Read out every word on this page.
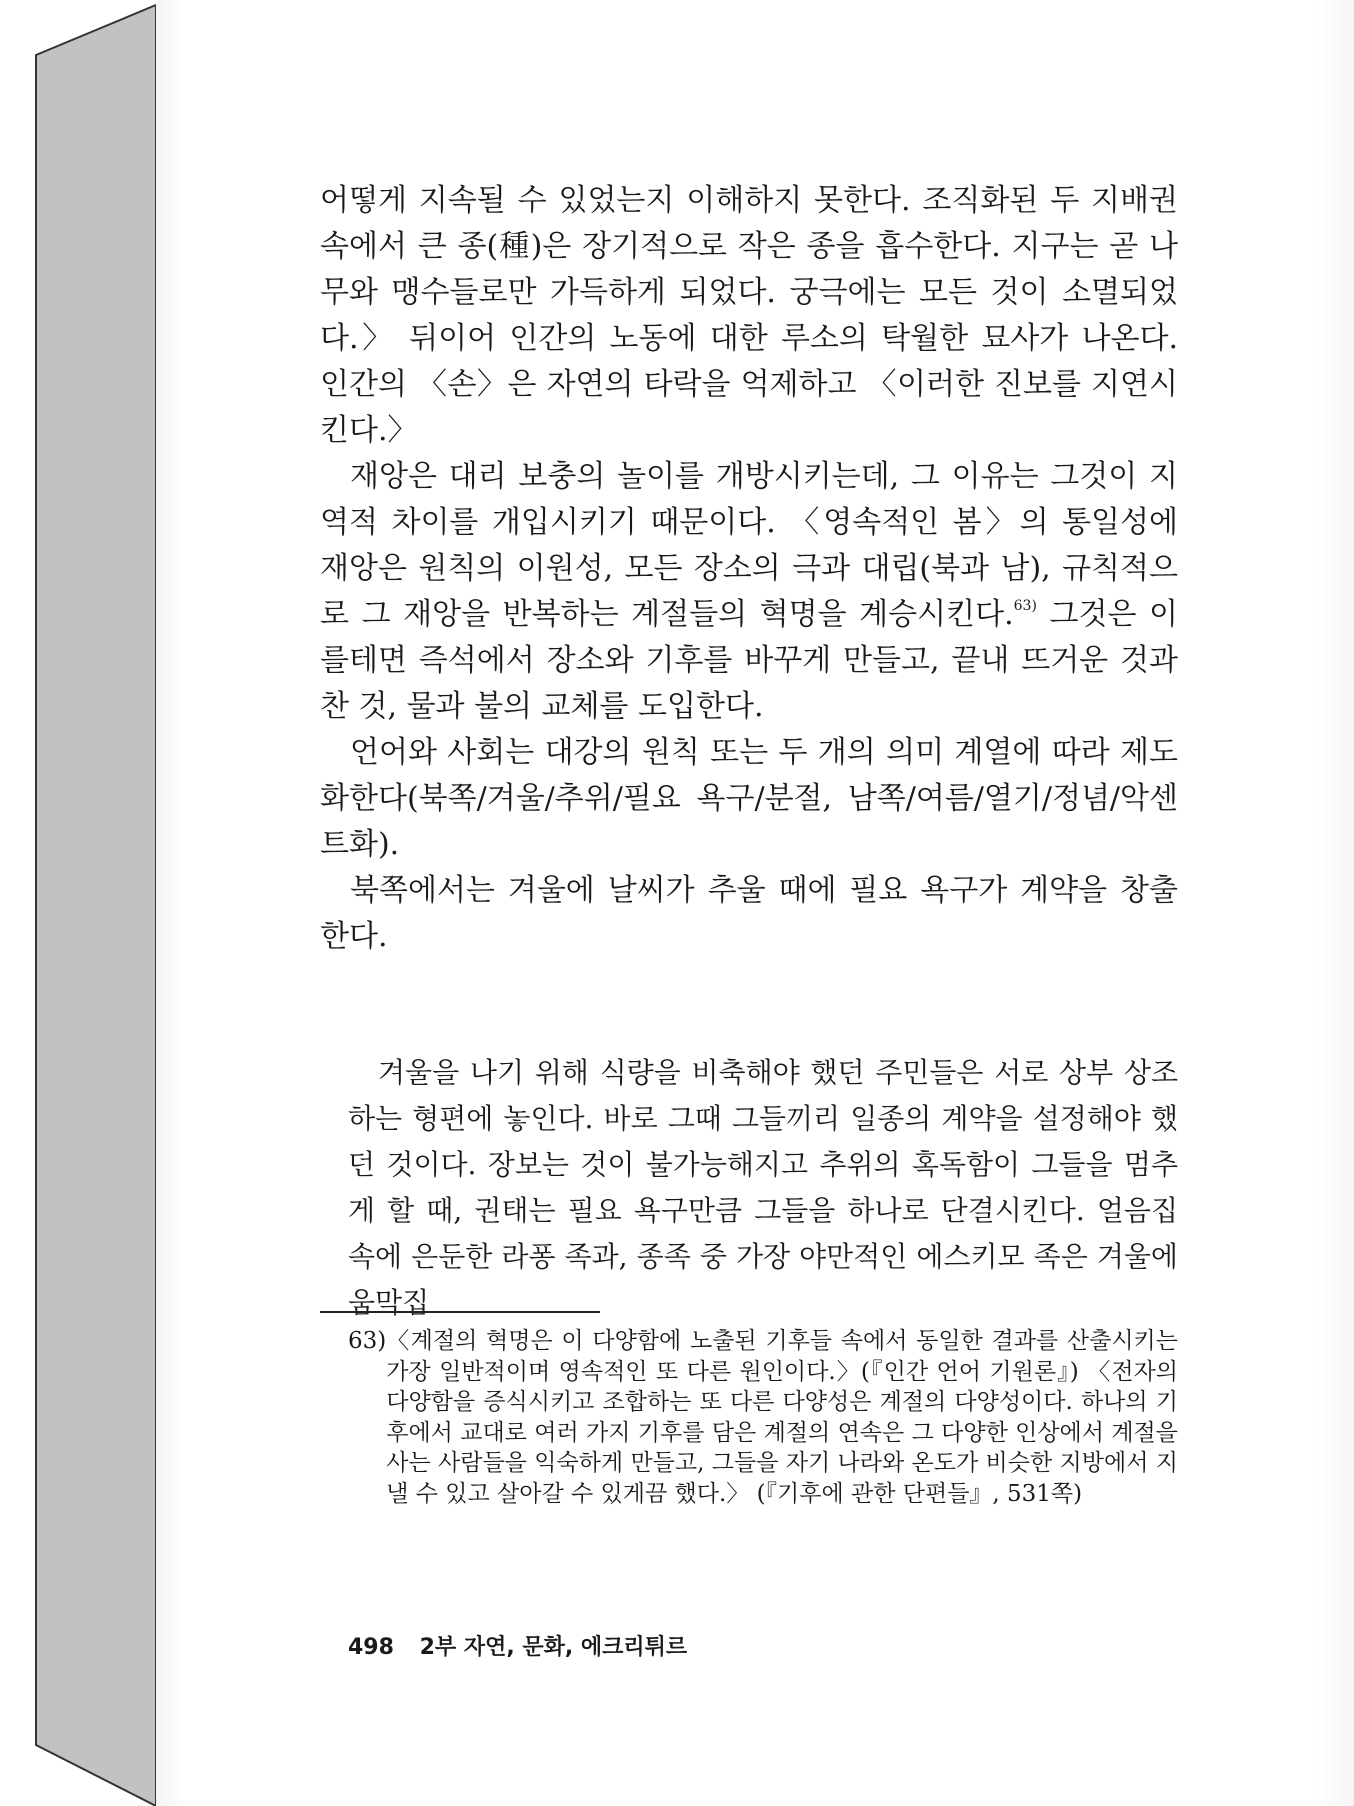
어떻게 지속될 수 있었는지 이해하지 못한다. 조직화된 두 지배권 속에서 큰 종(種)은 장기적으로 작은 종을 흡수한다. 지구는 곧 나무와 맹수들로만 가득하게 되었다. 궁극에는 모든 것이 소멸되었다.〉 뒤이어 인간의 노동에 대한 루소의 탁월한 묘사가 나온다. 인간의 〈손〉은 자연의 타락을 억제하고 〈이러한 진보를 지연시킨다.〉

재앙은 대리 보충의 놀이를 개방시키는데, 그 이유는 그것이 지역적 차이를 개입시키기 때문이다. 〈영속적인 봄〉의 통일성에 재앙은 원칙의 이원성, 모든 장소의 극과 대립(북과 남), 규칙적으로 그 재앙을 반복하는 계절들의 혁명을 계승시킨다.$^{63)}$ 그것은 이를테면 즉석에서 장소와 기후를 바꾸게 만들고, 끝내 뜨거운 것과 찬 것, 물과 불의 교체를 도입한다.

언어와 사회는 대강의 원칙 또는 두 개의 의미 계열에 따라 제도화한다(북쪽/겨울/추위/필요 욕구/분절, 남쪽/여름/열기/정념/악센트화).

북쪽에서는 겨울에 날씨가 추울 때에 필요 욕구가 계약을 창출한다.

겨울을 나기 위해 식량을 비축해야 했던 주민들은 서로 상부 상조하는 형편에 놓인다. 바로 그때 그들끼리 일종의 계약을 설정해야 했던 것이다. 장보는 것이 불가능해지고 추위의 혹독함이 그들을 멈추게 할 때, 권태는 필요 욕구만큼 그들을 하나로 단결시킨다. 얼음집 속에 은둔한 라퐁 족과, 종족 중 가장 야만적인 에스키모 족은 겨울에 움막집

63) 〈계절의 혁명은 이 다양함에 노출된 기후들 속에서 동일한 결과를 산출시키는 가장 일반적이며 영속적인 또 다른 원인이다.〉(『인간 언어 기원론』) 〈전자의 다양함을 증식시키고 조합하는 또 다른 다양성은 계절의 다양성이다. 하나의 기후에서 교대로 여러 가지 기후를 담은 계절의 연속은 그 다양한 인상에서 계절을 사는 사람들을 익숙하게 만들고, 그들을 자기 나라와 온도가 비슷한 지방에서 지낼 수 있고 살아갈 수 있게끔 했다.〉 (『기후에 관한 단편들』, 531쪽)

498 2부 자연, 문화, 에크리튀르
